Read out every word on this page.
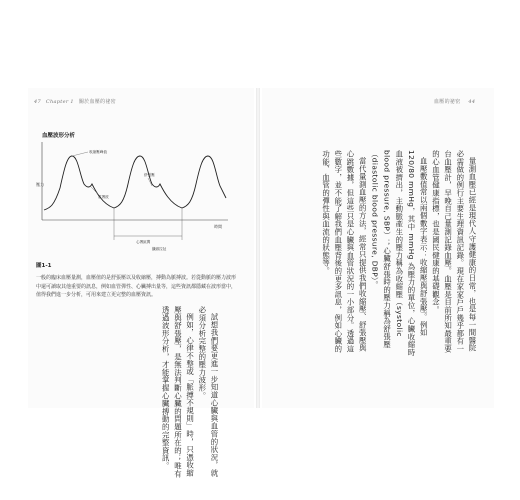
47 Chapter 1 關於血壓的祕密	血壓的祕密 44
血壓波形分析
壓力
時間
收縮壓峰值
重搏波
舒張壓
心搏區間
纖維拉扯
圖1-1
一般的臨床血壓量測，血壓值的是舒張壓以及收縮壓，搏動為脈搏波。若從動脈的壓力波形中還可讀取其他重要的訊息，例如血管彈性、心臟搏出量等，這些資訊都隱藏在波形當中，值得我們進一步分析，可用來建立更完整的血壓資訊。	量測血壓已經是現代人守護健康的日常，也是每一間醫院必需做的例行主要生理資訊記錄。現在家家戶戶幾乎都有一台血壓計，早晚自己量測記錄血壓。血壓是目前所知最重要的心血管健康指標，也是國民健康的基礎觀念。
血壓數值常以兩個數字表示：收縮壓與舒張壓。例如 120/80 mmHg，其中 mmHg 為壓力的單位，心臟收縮時血液被擠出，主動脈產生的壓力稱為收縮壓（systolic blood pressure, SBP）；心臟舒張時的壓力稱為舒張壓（diastolic blood pressure, DBP）。
當代量測血壓的方法，經常只提供我們收縮壓、舒張壓與心跳數據，但這些只是心臟與血管狀況的一小部分。透過這些數字，並不能了解我們血壓背後的更多訊息，例如心臟的功能、血管的彈性與血流的狀態等。
試想我們要更進一步知道心臟與血管的狀況，就必須分析完整的壓力波形。
例如，心律不整或「脈搏不規則」時，只憑收縮壓與舒張壓，是無法判斷心臟的問題所在的；唯有透過波形分析，才能掌握心臟搏動的完整資訊。
